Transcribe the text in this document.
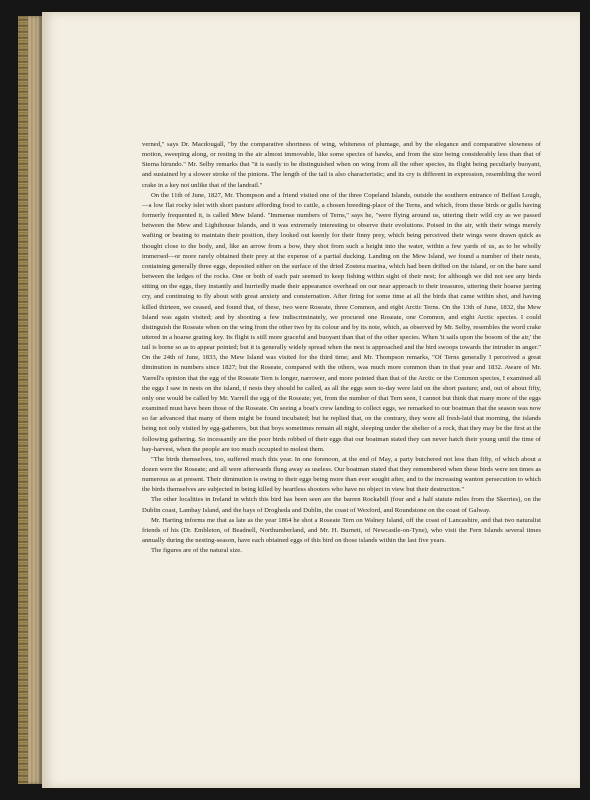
verned," says Dr. Macdougall, "by the comparative shortness of wing, whiteness of plumage, and by the elegance and comparative slowness of motion, sweeping along, or resting in the air almost immovable, like some species of hawks, and from the size being considerably less than that of Sterna hirundo." Mr. Selby remarks that "it is easily to be distinguished when on wing from all the other species, its flight being peculiarly buoyant, and sustained by a slower stroke of the pinions. The length of the tail is also characteristic; and its cry is different in expression, resembling the word crake in a key not unlike that of the landrail."

On the 11th of June, 1827, Mr. Thompson and a friend visited one of the three Copeland Islands, outside the southern entrance of Belfast Lough,—a low flat rocky islet with short pasture affording food to cattle, a chosen breeding-place of the Terns, and which, from these birds or gulls having formerly frequented it, is called Mew Island. "Immense numbers of Terns," says he, "were flying around us, uttering their wild cry as we passed between the Mew and Lighthouse Islands, and it was extremely interesting to observe their evolutions. Poised in the air, with their wings merely wafting or beating to maintain their position, they looked out keenly for their finny prey, which being perceived their wings were drawn quick as thought close to the body, and, like an arrow from a bow, they shot from such a height into the water, within a few yards of us, as to be wholly immersed—or more rarely obtained their prey at the expense of a partial ducking. Landing on the Mew Island, we found a number of their nests, containing generally three eggs, deposited either on the surface of the dried Zostera marina, which had been drifted on the island, or on the bare sand between the ledges of the rocks. One or both of each pair seemed to keep fishing within sight of their nest; for although we did not see any birds sitting on the eggs, they instantly and hurriedly made their appearance overhead on our near approach to their treasures, uttering their hoarse jarring cry, and continuing to fly about with great anxiety and consternation. After firing for some time at all the birds that came within shot, and having killed thirteen, we ceased, and found that, of these, two were Roseate, three Common, and eight Arctic Terns. On the 13th of June, 1832, the Mew Island was again visited; and by shooting a few indiscriminately, we procured one Roseate, one Common, and eight Arctic species. I could distinguish the Roseate when on the wing from the other two by its colour and by its note, which, as observed by Mr. Selby, resembles the word crake uttered in a hoarse grating key. Its flight is still more graceful and buoyant than that of the other species. When 'it sails upon the bosom of the air,' the tail is borne so as to appear pointed; but it is generally widely spread when the nest is approached and the bird swoops towards the intruder in anger." On the 24th of June, 1833, the Mew Island was visited for the third time; and Mr. Thompson remarks, "Of Terns generally I perceived a great diminution in numbers since 1827; but the Roseate, compared with the others, was much more common than in that year and 1832. Aware of Mr. Yarrell's opinion that the egg of the Roseate Tern is longer, narrower, and more pointed than that of the Arctic or the Common species, I examined all the eggs I saw in nests on the island, if nests they should be called, as all the eggs seen to-day were laid on the short pasture; and, out of about fifty, only one would be called by Mr. Yarrell the egg of the Roseate; yet, from the number of that Tern seen, I cannot but think that many more of the eggs examined must have been those of the Roseate. On seeing a boat's crew landing to collect eggs, we remarked to our boatman that the season was now so far advanced that many of them might be found incubated; but he replied that, on the contrary, they were all fresh-laid that morning, the islands being not only visited by egg-gatherers, but that boys sometimes remain all night, sleeping under the shelter of a rock, that they may be the first at the following gathering. So incessantly are the poor birds robbed of their eggs that our boatman stated they can never hatch their young until the time of hay-harvest, when the people are too much occupied to molest them.

"The birds themselves, too, suffered much this year. In one forenoon, at the end of May, a party butchered not less than fifty, of which about a dozen were the Roseate; and all were afterwards flung away as useless. Our boatman stated that they remembered when these birds were ten times as numerous as at present. Their diminution is owing to their eggs being more than ever sought after, and to the increasing wanton persecution to which the birds themselves are subjected in being killed by heartless shooters who have no object in view but their destruction."

The other localities in Ireland in which this bird has been seen are the barren Rockabill (four and a half statute miles from the Skerries), on the Dublin coast, Lambay Island, and the bays of Drogheda and Dublin, the coast of Wexford, and Roundstone on the coast of Galway.

Mr. Harting informs me that as late as the year 1864 he shot a Roseate Tern on Walney Island, off the coast of Lancashire, and that two naturalist friends of his (Dr. Embleton, of Beadnell, Northumberland, and Mr. H. Burnett, of Newcastle-on-Tyne), who visit the Fern Islands several times annually during the nesting-season, have each obtained eggs of this bird on those islands within the last five years.

The figures are of the natural size.
